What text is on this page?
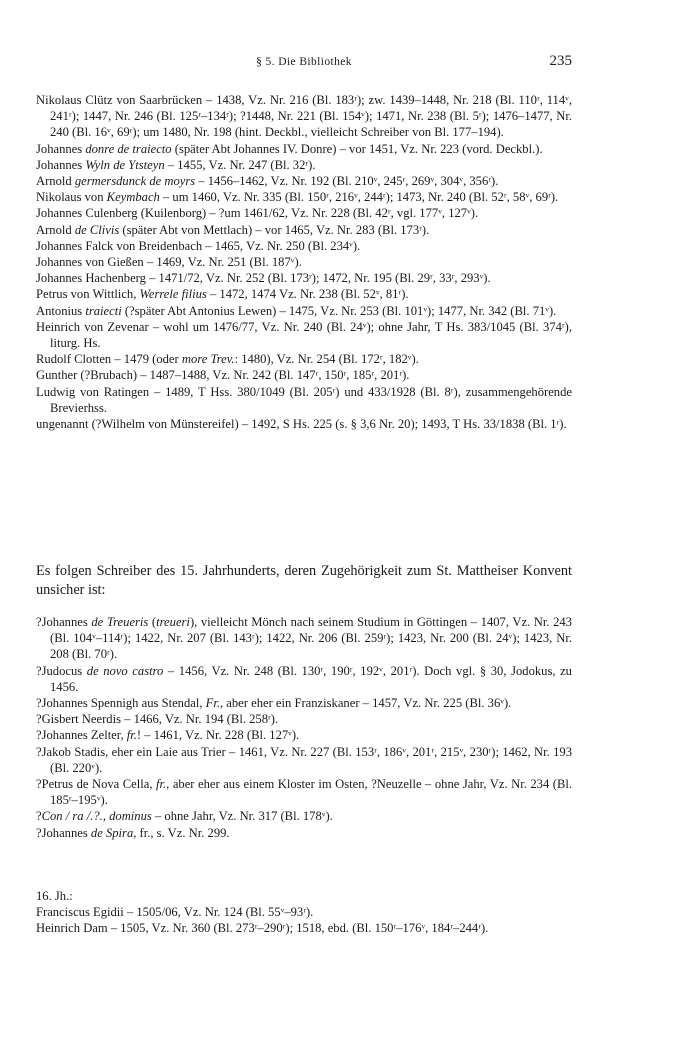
§ 5. Die Bibliothek	235
Nikolaus Clütz von Saarbrücken – 1438, Vz. Nr. 216 (Bl. 183ʳ); zw. 1439–1448, Nr. 218 (Bl. 110ʳ, 114ᵛ, 241ʳ); 1447, Nr. 246 (Bl. 125ʳ–134ʳ); ?1448, Nr. 221 (Bl. 154ᵛ); 1471, Nr. 238 (Bl. 5ʳ); 1476–1477, Nr. 240 (Bl. 16ᵛ, 69ʳ); um 1480, Nr. 198 (hint. Deckbl., vielleicht Schreiber von Bl. 177–194).
Johannes donre de traiecto (später Abt Johannes IV. Donre) – vor 1451, Vz. Nr. 223 (vord. Deckbl.).
Johannes Wyln de Ytsteyn – 1455, Vz. Nr. 247 (Bl. 32ʳ).
Arnold germersdunck de moyrs – 1456–1462, Vz. Nr. 192 (Bl. 210ᵛ, 245ʳ, 269ᵛ, 304ᵛ, 356ʳ).
Nikolaus von Keymbach – um 1460, Vz. Nr. 335 (Bl. 150ʳ, 216ᵛ, 244ʳ); 1473, Nr. 240 (Bl. 52ʳ, 58ᵛ, 69ʳ).
Johannes Culenberg (Kuilenborg) – ?um 1461/62, Vz. Nr. 228 (Bl. 42ʳ, vgl. 177ᵛ, 127ᵛ).
Arnold de Clivis (später Abt von Mettlach) – vor 1465, Vz. Nr. 283 (Bl. 173ʳ).
Johannes Falck von Breidenbach – 1465, Vz. Nr. 250 (Bl. 234ᵛ).
Johannes von Gießen – 1469, Vz. Nr. 251 (Bl. 187ᵛ).
Johannes Hachenberg – 1471/72, Vz. Nr. 252 (Bl. 173ʳ); 1472, Nr. 195 (Bl. 29ʳ, 33ʳ, 293ᵛ).
Petrus von Wittlich, Werrele filius – 1472, 1474 Vz. Nr. 238 (Bl. 52ᵛ, 81ʳ).
Antonius traiecti (?später Abt Antonius Lewen) – 1475, Vz. Nr. 253 (Bl. 101ᵛ); 1477, Nr. 342 (Bl. 71ᵛ).
Heinrich von Zevenar – wohl um 1476/77, Vz. Nr. 240 (Bl. 24ᵛ); ohne Jahr, T Hs. 383/1045 (Bl. 374ʳ), liturg. Hs.
Rudolf Clotten – 1479 (oder more Trev.: 1480), Vz. Nr. 254 (Bl. 172ʳ, 182ᵛ).
Gunther (?Brubach) – 1487–1488, Vz. Nr. 242 (Bl. 147ʳ, 150ʳ, 185ʳ, 201ʳ).
Ludwig von Ratingen – 1489, T Hss. 380/1049 (Bl. 205ʳ) und 433/1928 (Bl. 8ʳ), zusammengehörende Brevierhss.
ungenannt (?Wilhelm von Münstereifel) – 1492, S Hs. 225 (s. § 3,6 Nr. 20); 1493, T Hs. 33/1838 (Bl. 1ʳ).
Es folgen Schreiber des 15. Jahrhunderts, deren Zugehörigkeit zum St. Mattheiser Konvent unsicher ist:
?Johannes de Treueris (treueri), vielleicht Mönch nach seinem Studium in Göttingen – 1407, Vz. Nr. 243 (Bl. 104ᵛ–114ʳ); 1422, Nr. 207 (Bl. 143ʳ); 1422, Nr. 206 (Bl. 259ʳ); 1423, Nr. 200 (Bl. 24ᵛ); 1423, Nr. 208 (Bl. 70ʳ).
?Judocus de novo castro – 1456, Vz. Nr. 248 (Bl. 130ʳ, 190ʳ, 192ᵛ, 201ʳ). Doch vgl. § 30, Jodokus, zu 1456.
?Johannes Spennigh aus Stendal, Fr., aber eher ein Franziskaner – 1457, Vz. Nr. 225 (Bl. 36ᵛ).
?Gisbert Neerdis – 1466, Vz. Nr. 194 (Bl. 258ʳ).
?Johannes Zelter, fr.! – 1461, Vz. Nr. 228 (Bl. 127ᵛ).
?Jakob Stadis, eher ein Laie aus Trier – 1461, Vz. Nr. 227 (Bl. 153ʳ, 186ᵛ, 201ʳ, 215ᵛ, 230ʳ); 1462, Nr. 193 (Bl. 220ᵛ).
?Petrus de Nova Cella, fr., aber eher aus einem Kloster im Osten, ?Neuzelle – ohne Jahr, Vz. Nr. 234 (Bl. 185ʳ–195ᵛ).
?Con / ra /.?., dominus – ohne Jahr, Vz. Nr. 317 (Bl. 178ᵛ).
?Johannes de Spira, fr., s. Vz. Nr. 299.
16. Jh.:
Franciscus Egidii – 1505/06, Vz. Nr. 124 (Bl. 55ᵛ–93ʳ).
Heinrich Dam – 1505, Vz. Nr. 360 (Bl. 273ʳ–290ʳ); 1518, ebd. (Bl. 150ʳ–176ᵛ, 184ʳ–244ʳ).
